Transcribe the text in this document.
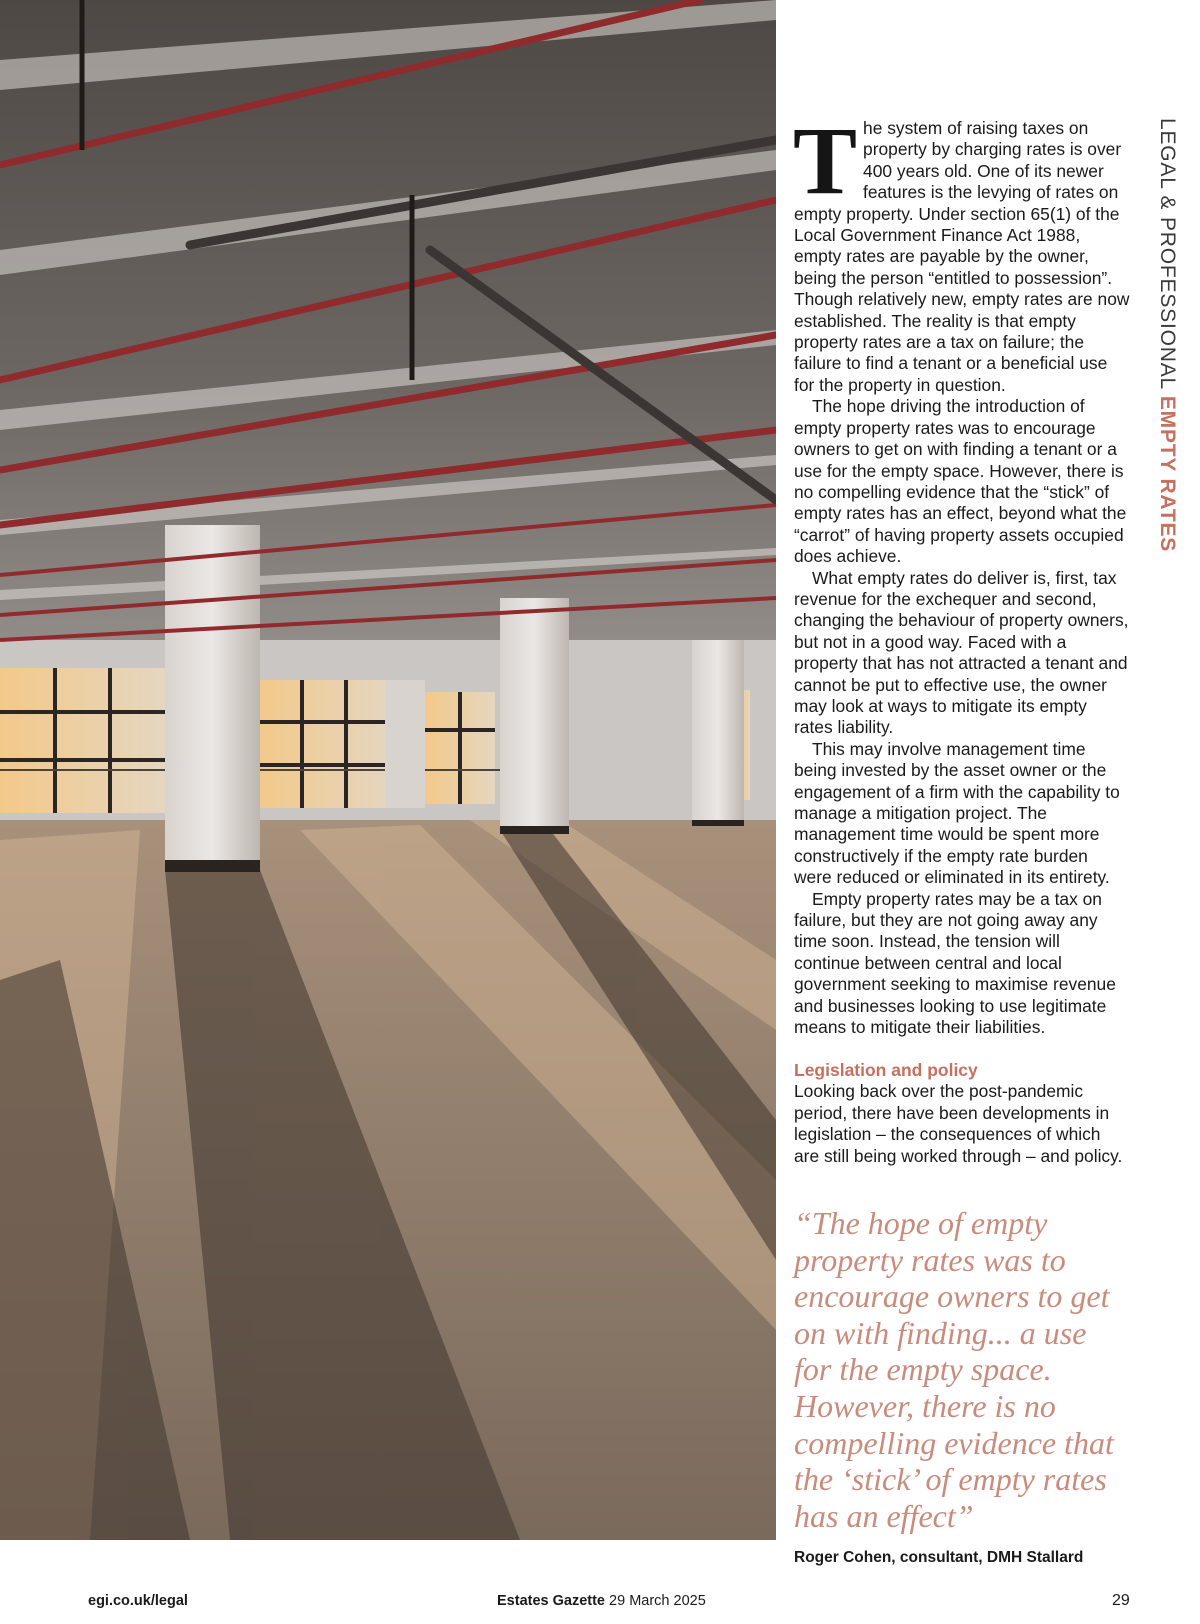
The system of raising taxes on property by charging rates is over 400 years old. One of its newer features is the levying of rates on empty property. Under section 65(1) of the Local Government Finance Act 1988, empty rates are payable by the owner, being the person “entitled to possession”. Though relatively new, empty rates are now established. The reality is that empty property rates are a tax on failure; the failure to find a tenant or a beneficial use for the property in question.

The hope driving the introduction of empty property rates was to encourage owners to get on with finding a tenant or a use for the empty space. However, there is no compelling evidence that the “stick” of empty rates has an effect, beyond what the “carrot” of having property assets occupied does achieve.

What empty rates do deliver is, first, tax revenue for the exchequer and second, changing the behaviour of property owners, but not in a good way. Faced with a property that has not attracted a tenant and cannot be put to effective use, the owner may look at ways to mitigate its empty rates liability.

This may involve management time being invested by the asset owner or the engagement of a firm with the capability to manage a mitigation project. The management time would be spent more constructively if the empty rate burden were reduced or eliminated in its entirety.

Empty property rates may be a tax on failure, but they are not going away any time soon. Instead, the tension will continue between central and local government seeking to maximise revenue and businesses looking to use legitimate means to mitigate their liabilities.

Legislation and policy

Looking back over the post-pandemic period, there have been developments in legislation – the consequences of which are still being worked through – and policy.

“The hope of empty property rates was to encourage owners to get on with finding... a use for the empty space. However, there is no compelling evidence that the ‘stick’ of empty rates has an effect”
Roger Cohen, consultant, DMH Stallard
LEGAL & PROFESSIONAL EMPTY RATES
egi.co.uk/legal	Estates Gazette 29 March 2025	29
